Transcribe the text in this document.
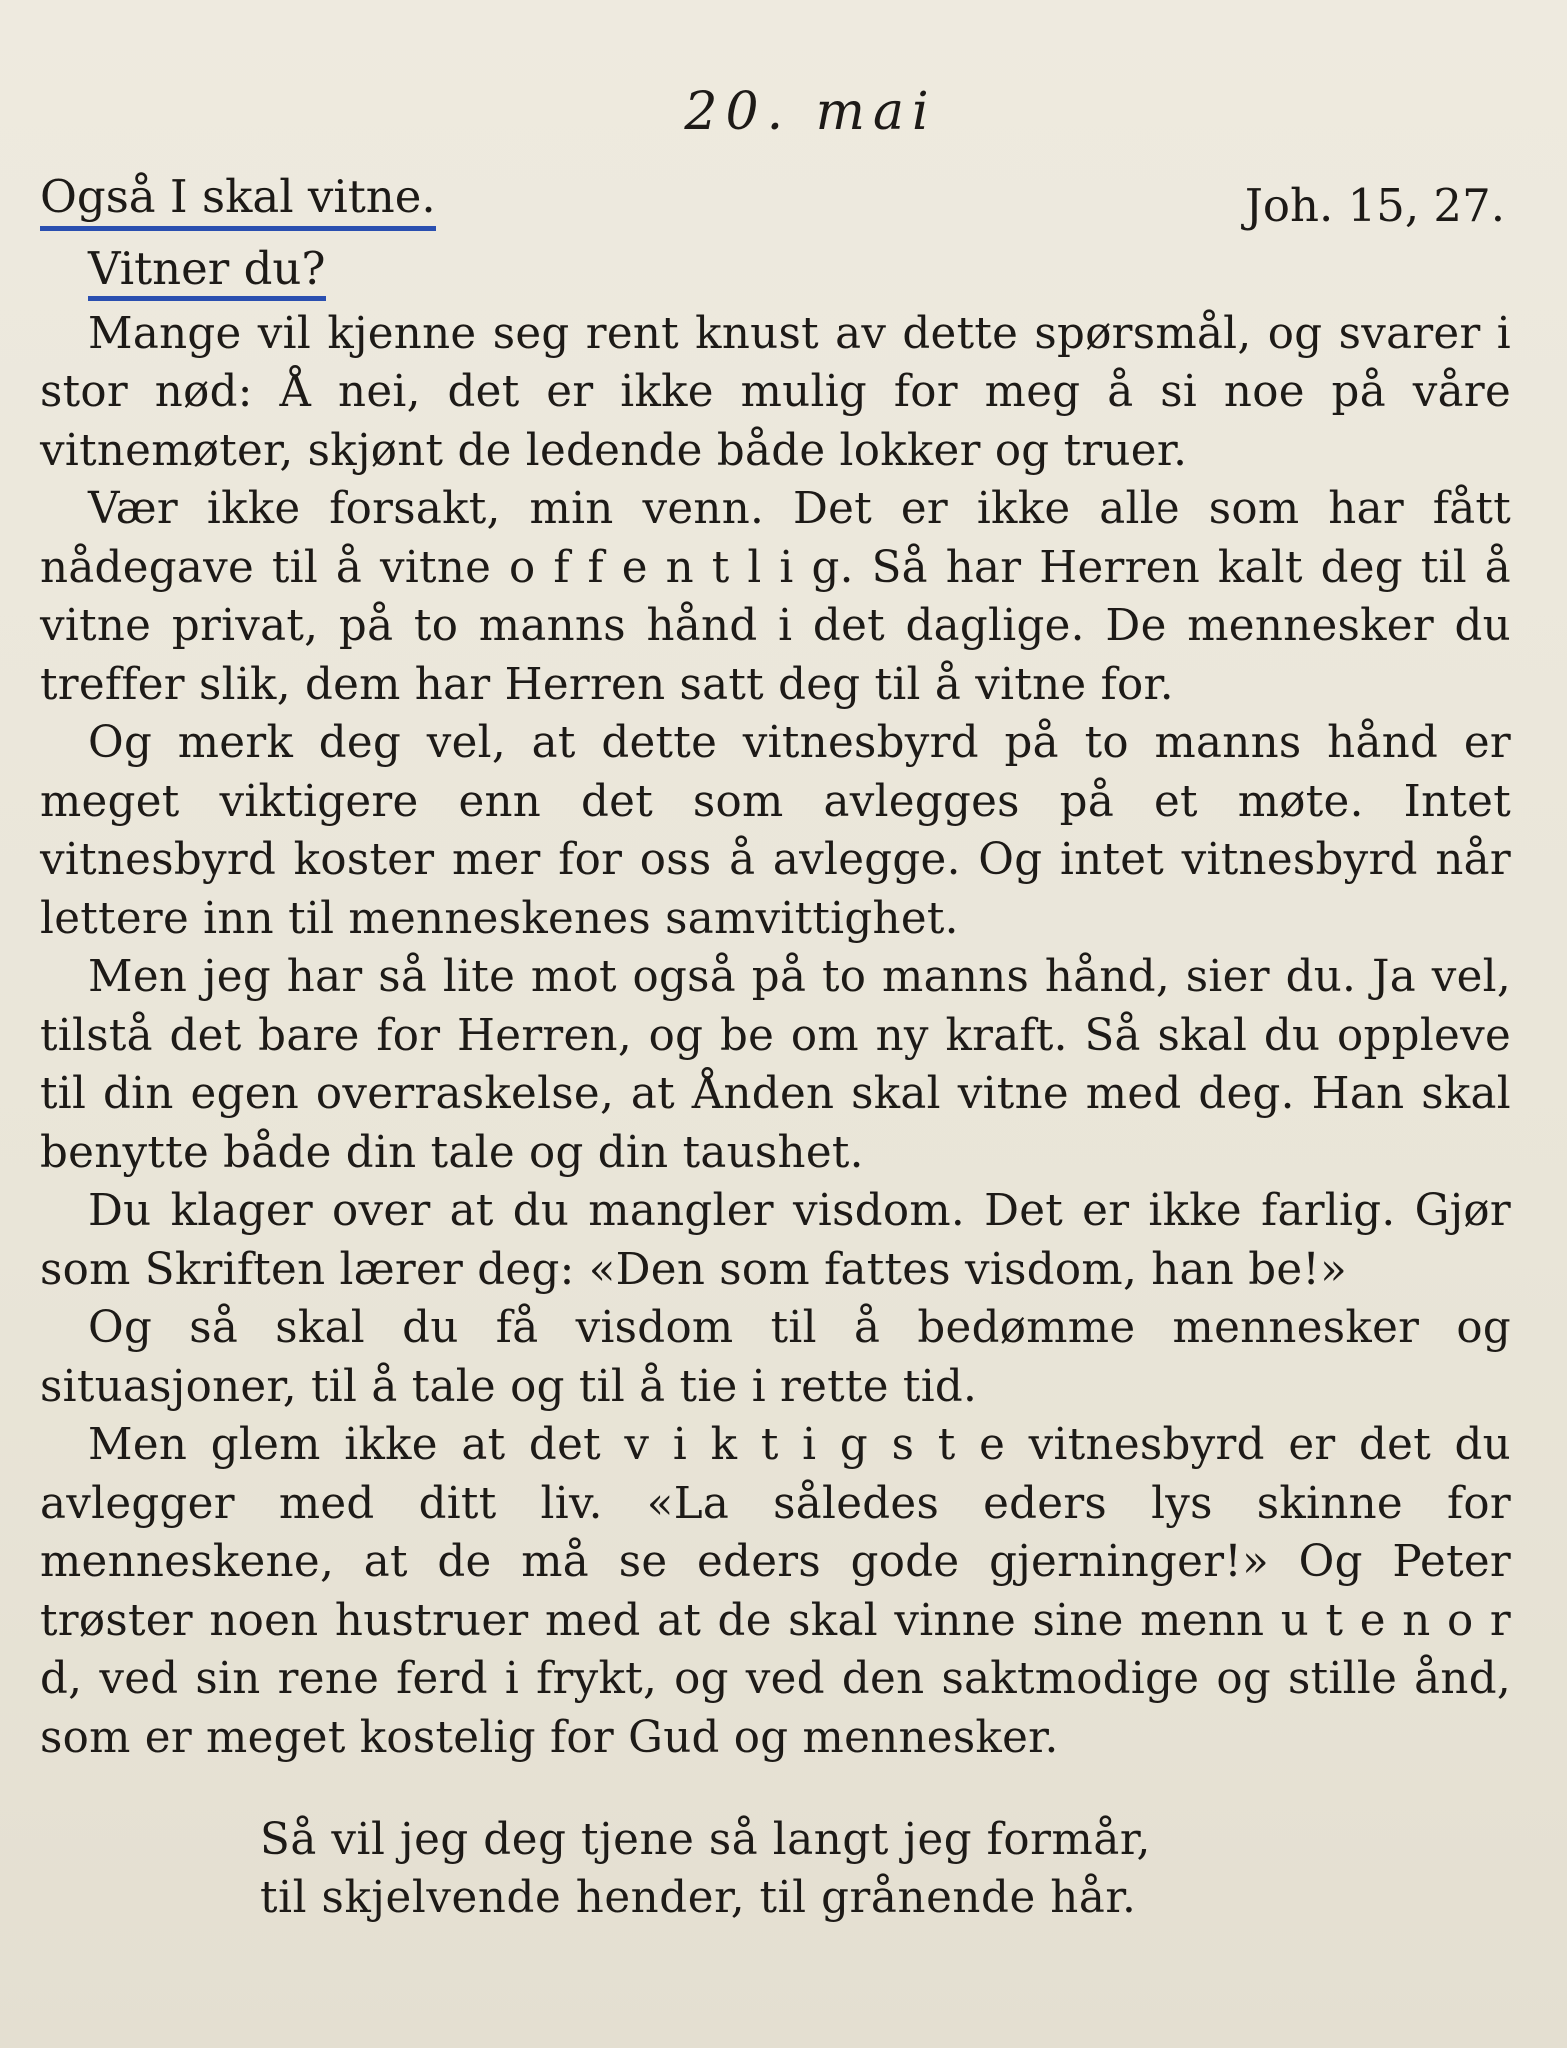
20. mai
Også I skal vitne.	Joh. 15, 27.
Vitner du?

Mange vil kjenne seg rent knust av dette spørsmål, og svarer i stor nød: Å nei, det er ikke mulig for meg å si noe på våre vitnemøter, skjønt de ledende både lokker og truer.

Vær ikke forsakt, min venn. Det er ikke alle som har fått nådegave til å vitne o f f e n t l i g. Så har Herren kalt deg til å vitne privat, på to manns hånd i det daglige. De mennesker du treffer slik, dem har Herren satt deg til å vitne for.

Og merk deg vel, at dette vitnesbyrd på to manns hånd er meget viktigere enn det som avlegges på et møte. Intet vitnesbyrd koster mer for oss å avlegge. Og intet vitnesbyrd når lettere inn til menneskenes samvittighet.

Men jeg har så lite mot også på to manns hånd, sier du. Ja vel, tilstå det bare for Herren, og be om ny kraft. Så skal du oppleve til din egen overraskelse, at Ånden skal vitne med deg. Han skal benytte både din tale og din taushet.

Du klager over at du mangler visdom. Det er ikke farlig. Gjør som Skriften lærer deg: «Den som fattes visdom, han be!»

Og så skal du få visdom til å bedømme mennesker og situasjoner, til å tale og til å tie i rette tid.

Men glem ikke at det v i k t i g s t e vitnesbyrd er det du avlegger med ditt liv. «La således eders lys skinne for menneskene, at de må se eders gode gjerninger!» Og Peter trøster noen hustruer med at de skal vinne sine menn u t e n o r d, ved sin rene ferd i frykt, og ved den saktmodige og stille ånd, som er meget kostelig for Gud og mennesker.

Så vil jeg deg tjene så langt jeg formår,
til skjelvende hender, til grånende hår.
